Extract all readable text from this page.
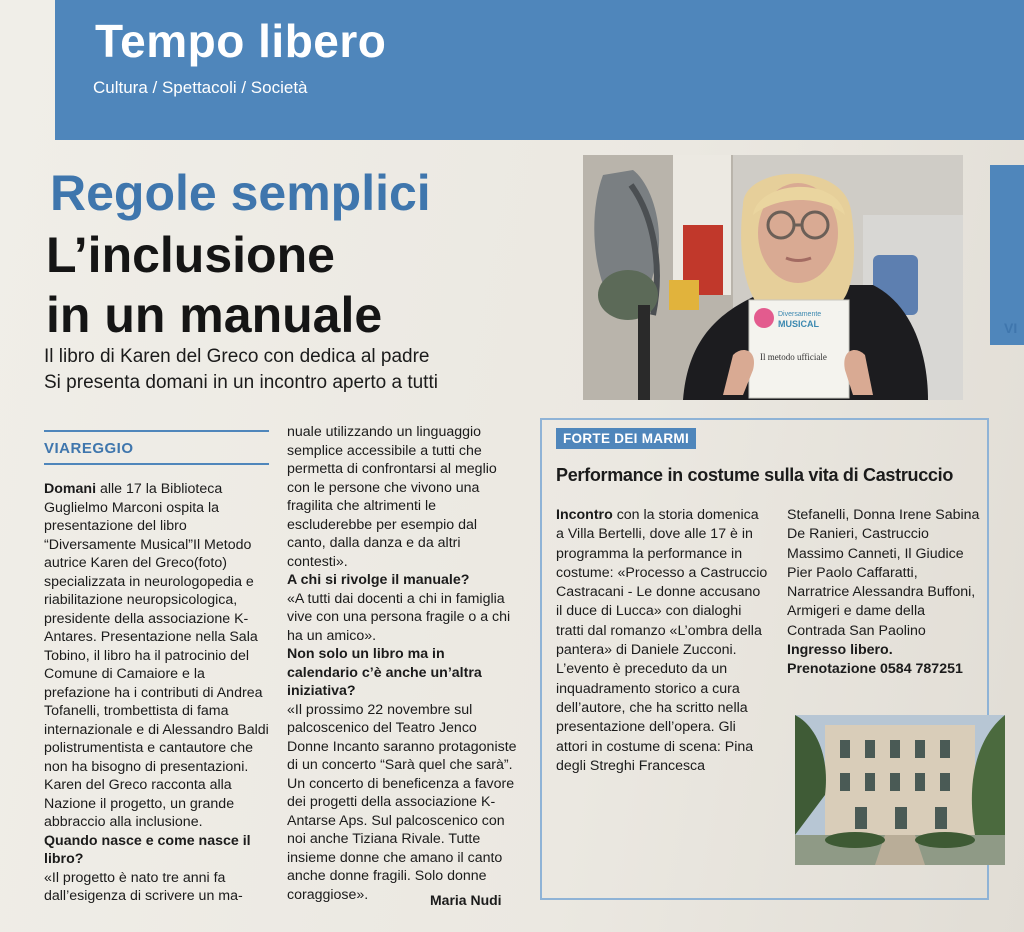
Tempo libero
Cultura / Spettacoli / Società
VI
Regole semplici
L’inclusione
in un manuale
Il libro di Karen del Greco con dedica al padre
Si presenta domani in un incontro aperto a tutti
Diversamente
MUSICAL
Il metodo ufficiale
VIAREGGIO

Domani alle 17 la Biblioteca Guglielmo Marconi ospita la presentazione del libro “Diversamente Musical”Il Metodo autrice Karen del Greco(foto) specializzata in neurologopedia e riabilitazione neuropsicologica, presidente della associazione K-Antares. Presentazione nella Sala Tobino, il libro ha il patrocinio del Comune di Camaiore e la prefazione ha i contributi di Andrea Tofanelli, trombettista di fama internazionale e di Alessandro Baldi polistrumentista e cantautore che non ha bisogno di presentazioni. Karen del Greco racconta alla Nazione il progetto, un grande abbraccio alla inclusione.

Quando nasce e come nasce il libro?

«Il progetto è nato tre anni fa dall’esigenza di scrivere un ma-

nuale utilizzando un linguaggio semplice accessibile a tutti che permetta di confrontarsi al meglio con le persone che vivono una fragilita che altrimenti le escluderebbe per esempio dal canto, dalla danza e da altri contesti».

A chi si rivolge il manuale?

«A tutti dai docenti a chi in famiglia vive con una persona fragile o a chi ha un amico».

Non solo un libro ma in calendario c’è anche un’altra iniziativa?

«Il prossimo 22 novembre sul palcoscenico del Teatro Jenco Donne Incanto saranno protagoniste di un concerto “Sarà quel che sarà”. Un concerto di beneficenza a favore dei progetti della associazione K-Antarse Aps. Sul palcoscenico con noi anche Tiziana Rivale. Tutte insieme donne che amano il canto anche donne fragili. Solo donne coraggiose».	Maria Nudi
FORTE DEI MARMI
Performance in costume sulla vita di Castruccio

Incontro con la storia domenica a Villa Bertelli, dove alle 17 è in programma la performance in costume: «Processo a Castruccio Castracani - Le donne accusano il duce di Lucca» con dialoghi tratti dal romanzo «L’ombra della pantera» di Daniele Zucconi. L’evento è preceduto da un inquadramento storico a cura dell’autore, che ha scritto nella presentazione dell’opera. Gli attori in costume di scena: Pina degli Streghi Francesca

Stefanelli, Donna Irene Sabina De Ranieri, Castruccio Massimo Canneti, Il Giudice Pier Paolo Caffaratti, Narratrice Alessandra Buffoni, Armigeri e dame della Contrada San Paolino

Ingresso libero.

Prenotazione 0584 787251
